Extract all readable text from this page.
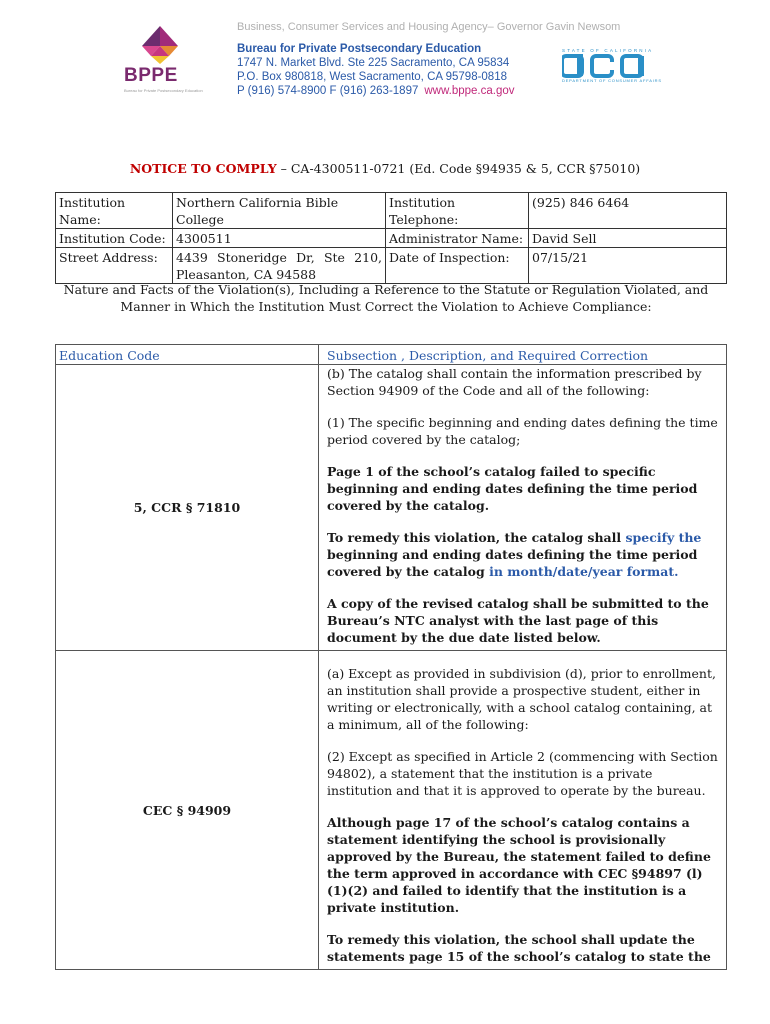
Business, Consumer Services and Housing Agency– Governor Gavin Newsom
BPPE
Bureau for Private Postsecondary Education
Bureau for Private Postsecondary Education
1747 N. Market Blvd. Ste 225 Sacramento, CA 95834
P.O. Box 980818, West Sacramento, CA 95798-0818
P (916) 574-8900 F (916) 263-1897 www.bppe.ca.gov
STATE OF CALIFORNIA
DEPARTMENT OF CONSUMER AFFAIRS
NOTICE TO COMPLY – CA-4300511-0721 (Ed. Code §94935 & 5, CCR §75010)
Institution Name:	Northern California Bible College	Institution Telephone:	(925) 846 6464
Institution Code:	4300511	Administrator Name:	David Sell
Street Address:	4439 Stoneridge Dr, Ste 210, Pleasanton, CA 94588	Date of Inspection:	07/15/21
Nature and Facts of the Violation(s), Including a Reference to the Statute or Regulation Violated, and Manner in Which the Institution Must Correct the Violation to Achieve Compliance:
Education Code	Subsection , Description, and Required Correction
5, CCR § 71810	(b) The catalog shall contain the information prescribed by Section 94909 of the Code and all of the following:

(1) The specific beginning and ending dates defining the time period covered by the catalog;

Page 1 of the school’s catalog failed to specific beginning and ending dates defining the time period covered by the catalog.

To remedy this violation, the catalog shall specify the beginning and ending dates defining the time period covered by the catalog in month/date/year format.

A copy of the revised catalog shall be submitted to the Bureau’s NTC analyst with the last page of this document by the due date listed below.

CEC § 94909	(a) Except as provided in subdivision (d), prior to enrollment, an institution shall provide a prospective student, either in writing or electronically, with a school catalog containing, at a minimum, all of the following:

(2) Except as specified in Article 2 (commencing with Section 94802), a statement that the institution is a private institution and that it is approved to operate by the bureau.

Although page 17 of the school’s catalog contains a statement identifying the school is provisionally approved by the Bureau, the statement failed to define the term approved in accordance with CEC §94897 (l)(1)(2) and failed to identify that the institution is a private institution.

To remedy this violation, the school shall update the statements page 15 of the school’s catalog to state the
